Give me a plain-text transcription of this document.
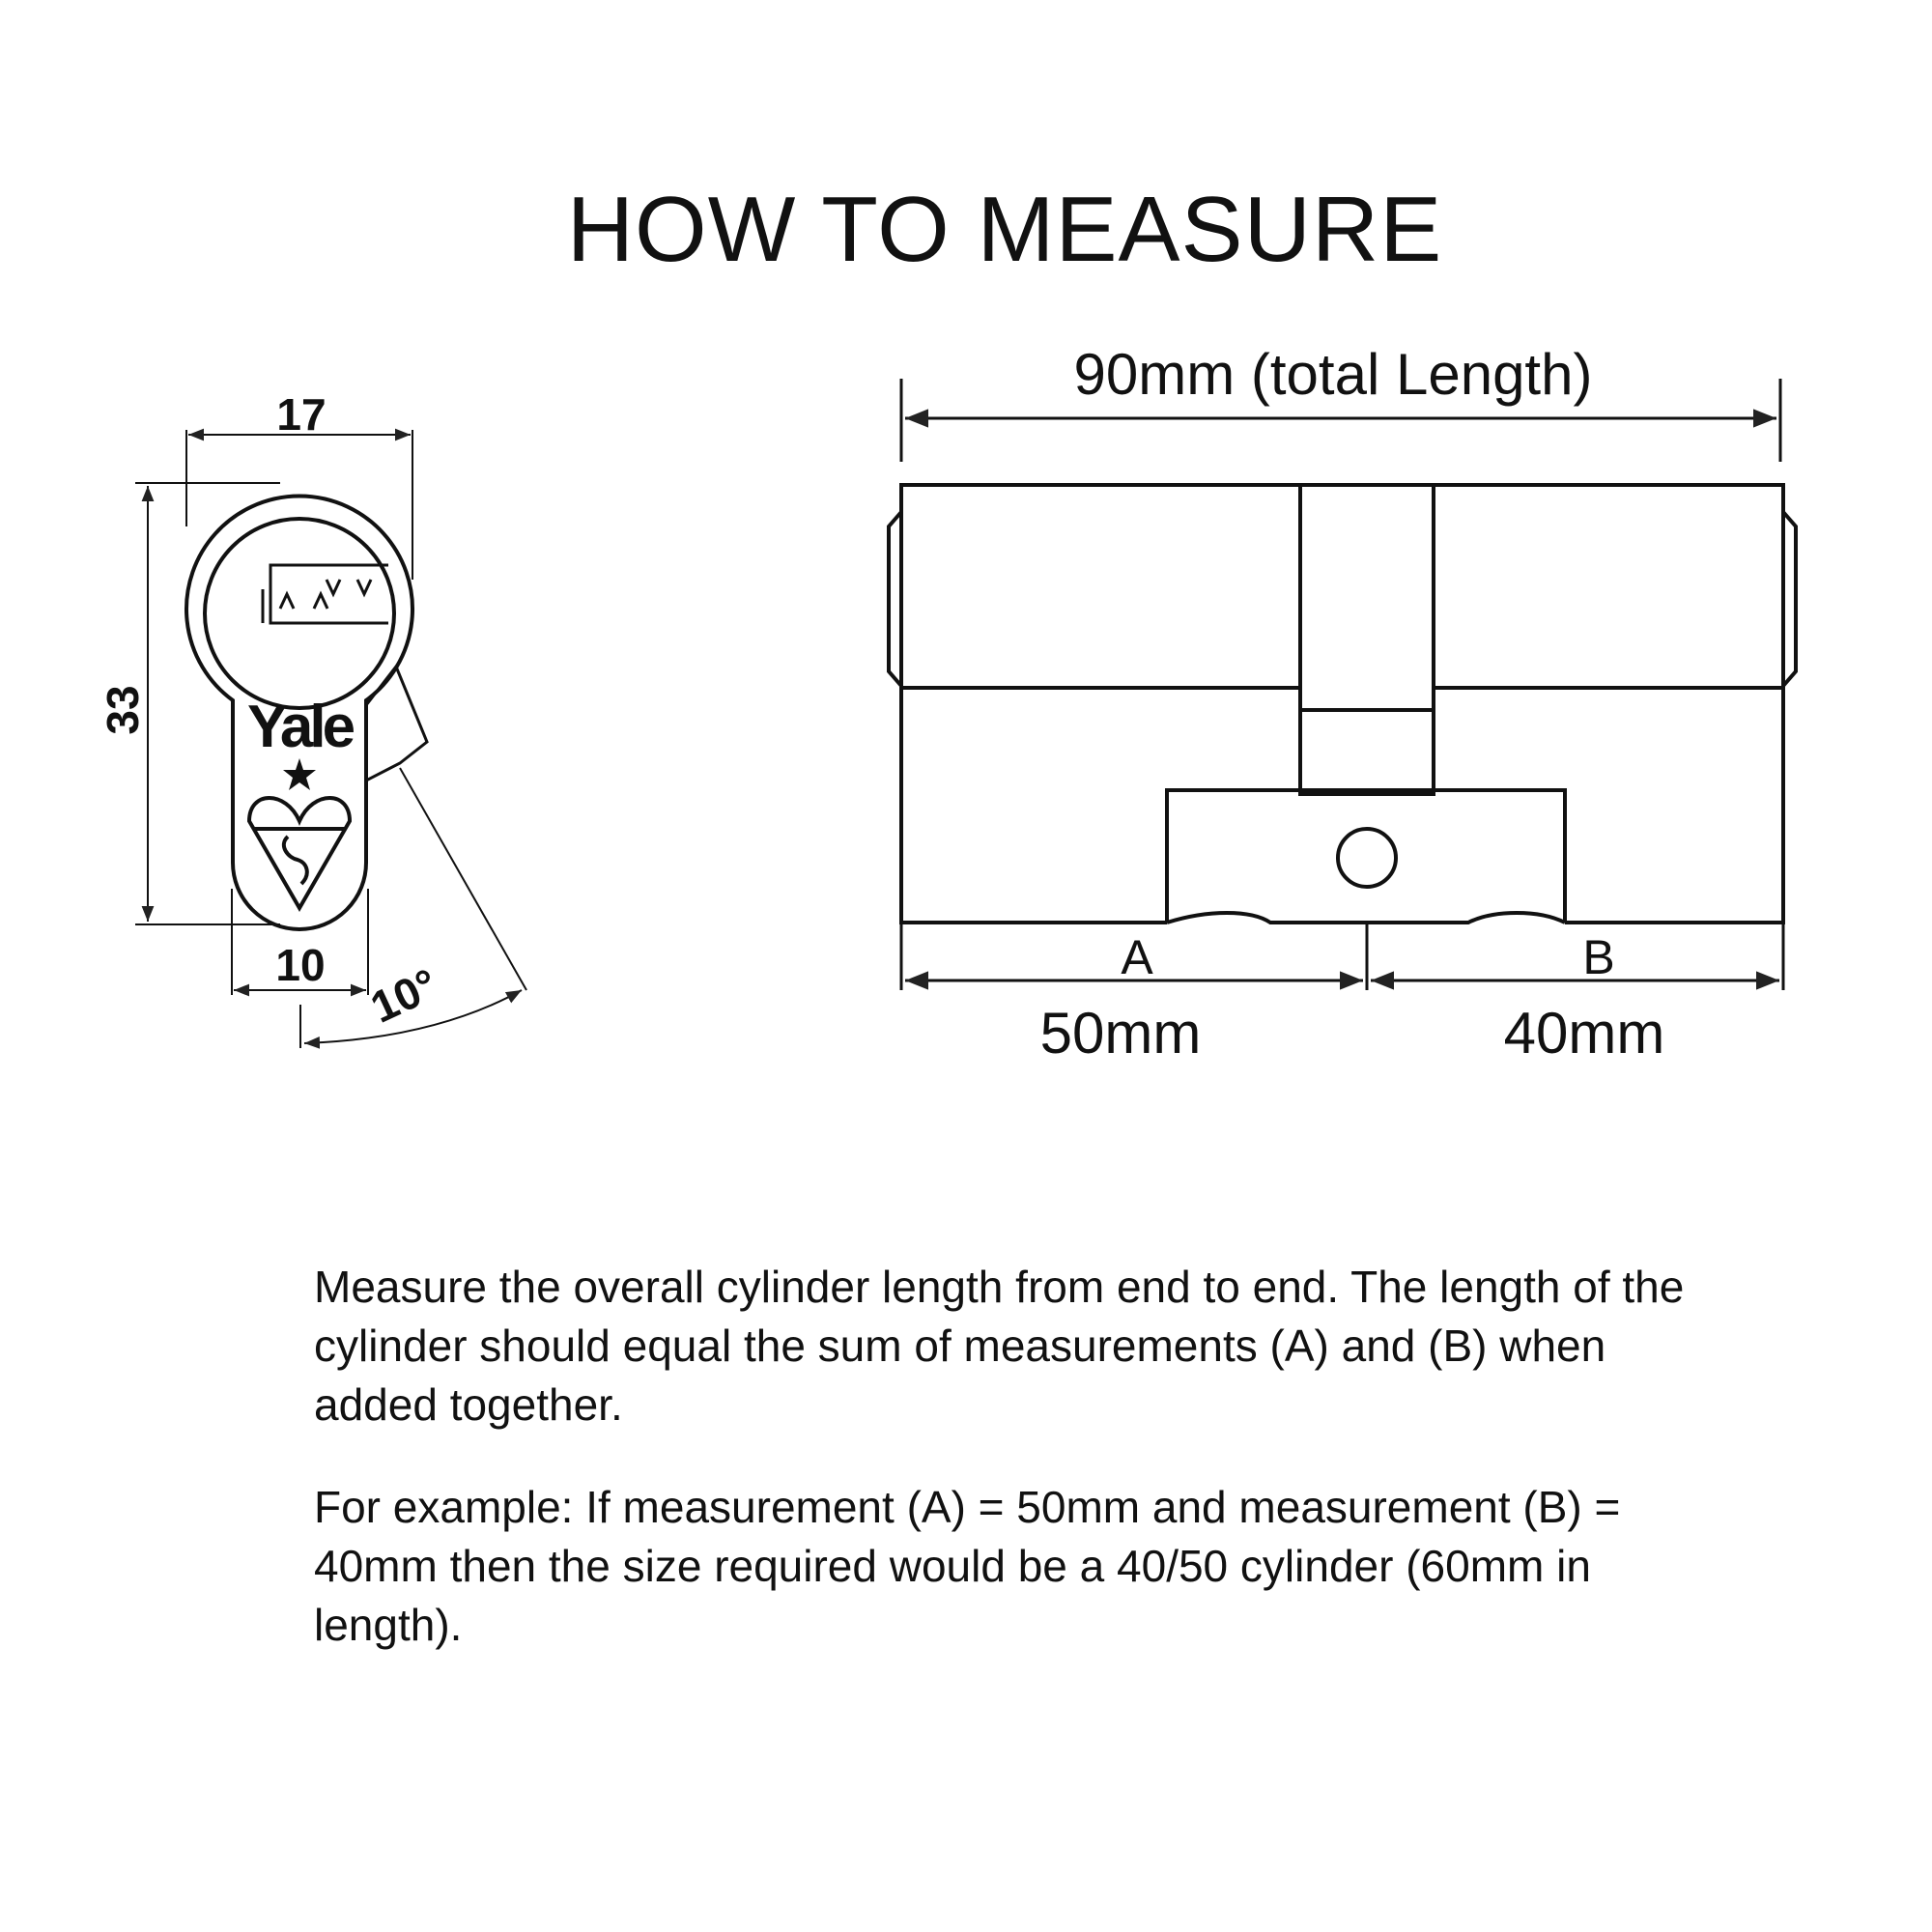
HOW TO MEASURE
17
33
10 10°
Yale
90mm (total Length)
A	B
50mm	40mm

Measure the overall cylinder length from end to end. The length of the cylinder should equal the sum of measurements (A) and (B) when added together.

For example: If measurement (A) = 50mm and measurement (B) = 40mm then the size required would be a 40/50 cylinder (60mm in length).
